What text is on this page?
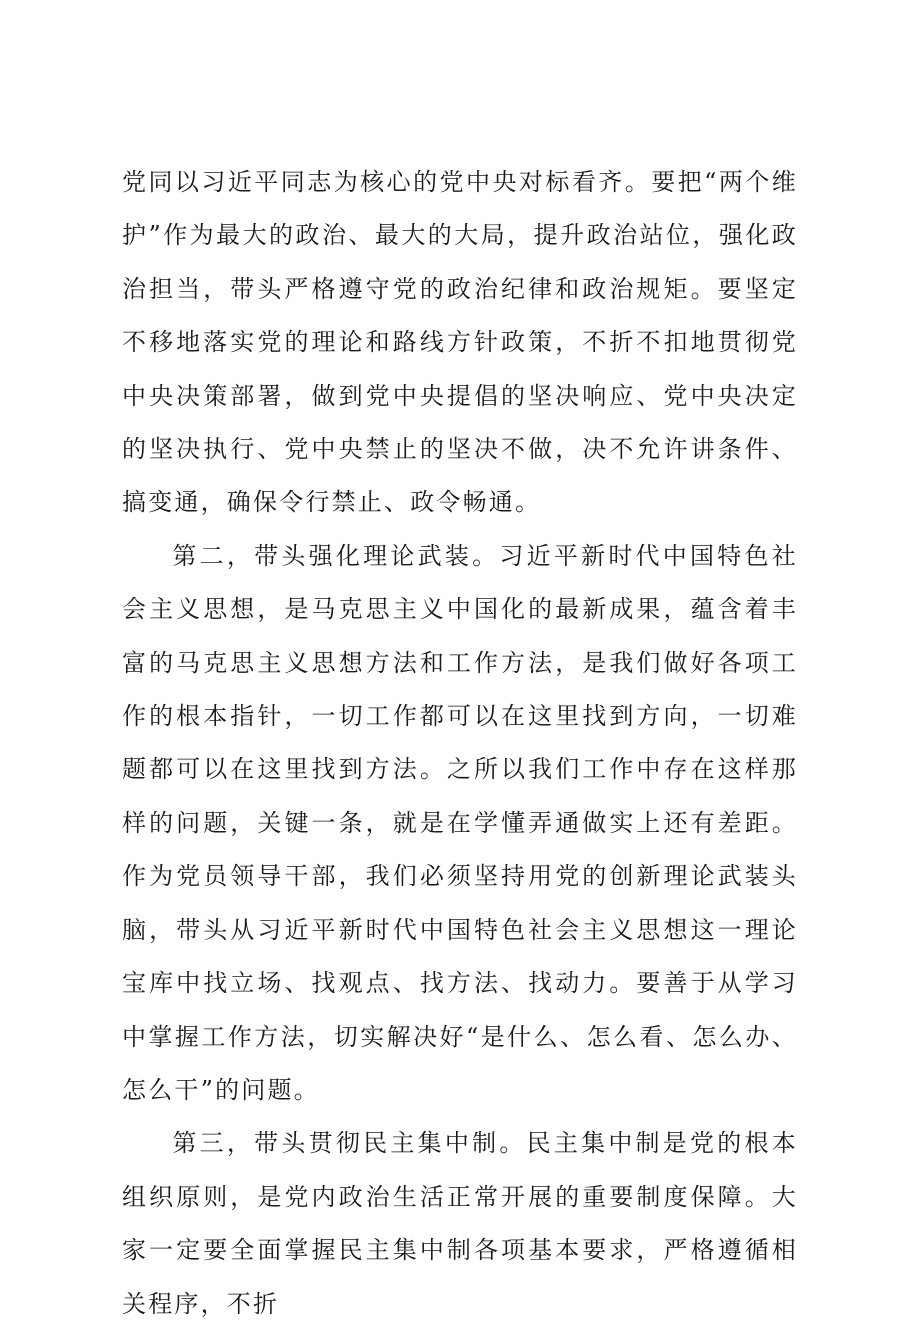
党同以习近平同志为核心的党中央对标看齐。要把“两个维护”作为最大的政治、最大的大局，提升政治站位，强化政治担当，带头严格遵守党的政治纪律和政治规矩。要坚定不移地落实党的理论和路线方针政策，不折不扣地贯彻党中央决策部署，做到党中央提倡的坚决响应、党中央决定的坚决执行、党中央禁止的坚决不做，决不允许讲条件、搞变通，确保令行禁止、政令畅通。

第二，带头强化理论武装。习近平新时代中国特色社会主义思想，是马克思主义中国化的最新成果，蕴含着丰富的马克思主义思想方法和工作方法，是我们做好各项工作的根本指针，一切工作都可以在这里找到方向，一切难题都可以在这里找到方法。之所以我们工作中存在这样那样的问题，关键一条，就是在学懂弄通做实上还有差距。作为党员领导干部，我们必须坚持用党的创新理论武装头脑，带头从习近平新时代中国特色社会主义思想这一理论宝库中找立场、找观点、找方法、找动力。要善于从学习中掌握工作方法，切实解决好“是什么、怎么看、怎么办、怎么干”的问题。

第三，带头贯彻民主集中制。民主集中制是党的根本组织原则，是党内政治生活正常开展的重要制度保障。大家一定要全面掌握民主集中制各项基本要求，严格遵循相关程序，不折
